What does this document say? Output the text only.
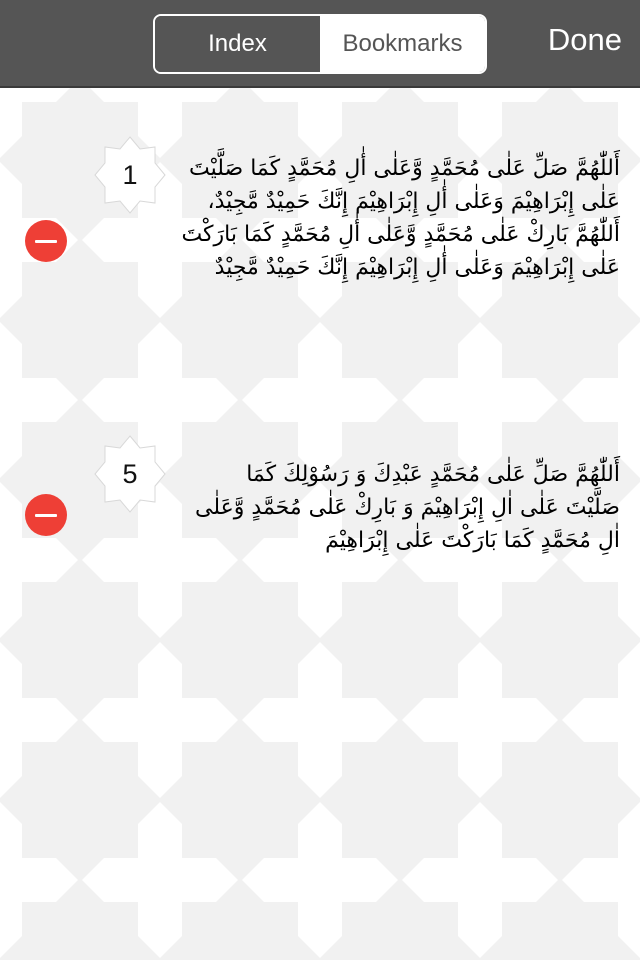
Index	Bookmarks	Done
1	أَللّٰهُمَّ صَلِّ عَلٰى مُحَمَّدٍ وَّعَلٰى أٰلِ مُحَمَّدٍ كَمَا صَلَّيْتَ عَلٰى إِبْرَاهِيْمَ وَعَلٰى أٰلِ إِبْرَاهِيْمَ إِنَّكَ حَمِيْدٌ مَّجِيْدٌ، أَللّٰهُمَّ بَارِكْ عَلٰى مُحَمَّدٍ وَّعَلٰى أٰلِ مُحَمَّدٍ كَمَا بَارَكْتَ عَلٰى إِبْرَاهِيْمَ وَعَلٰى أٰلِ إِبْرَاهِيْمَ إِنَّكَ حَمِيْدٌ مَّجِيْدٌ
5	أَللّٰهُمَّ صَلِّ عَلٰى مُحَمَّدٍ عَبْدِكَ وَ رَسُوْلِكَ كَمَا صَلَّيْتَ عَلٰى اٰلِ إِبْرَاهِيْمَ وَ بَارِكْ عَلٰى مُحَمَّدٍ وَّعَلٰى اٰلِ مُحَمَّدٍ كَمَا بَارَكْتَ عَلٰى إِبْرَاهِيْمَ
